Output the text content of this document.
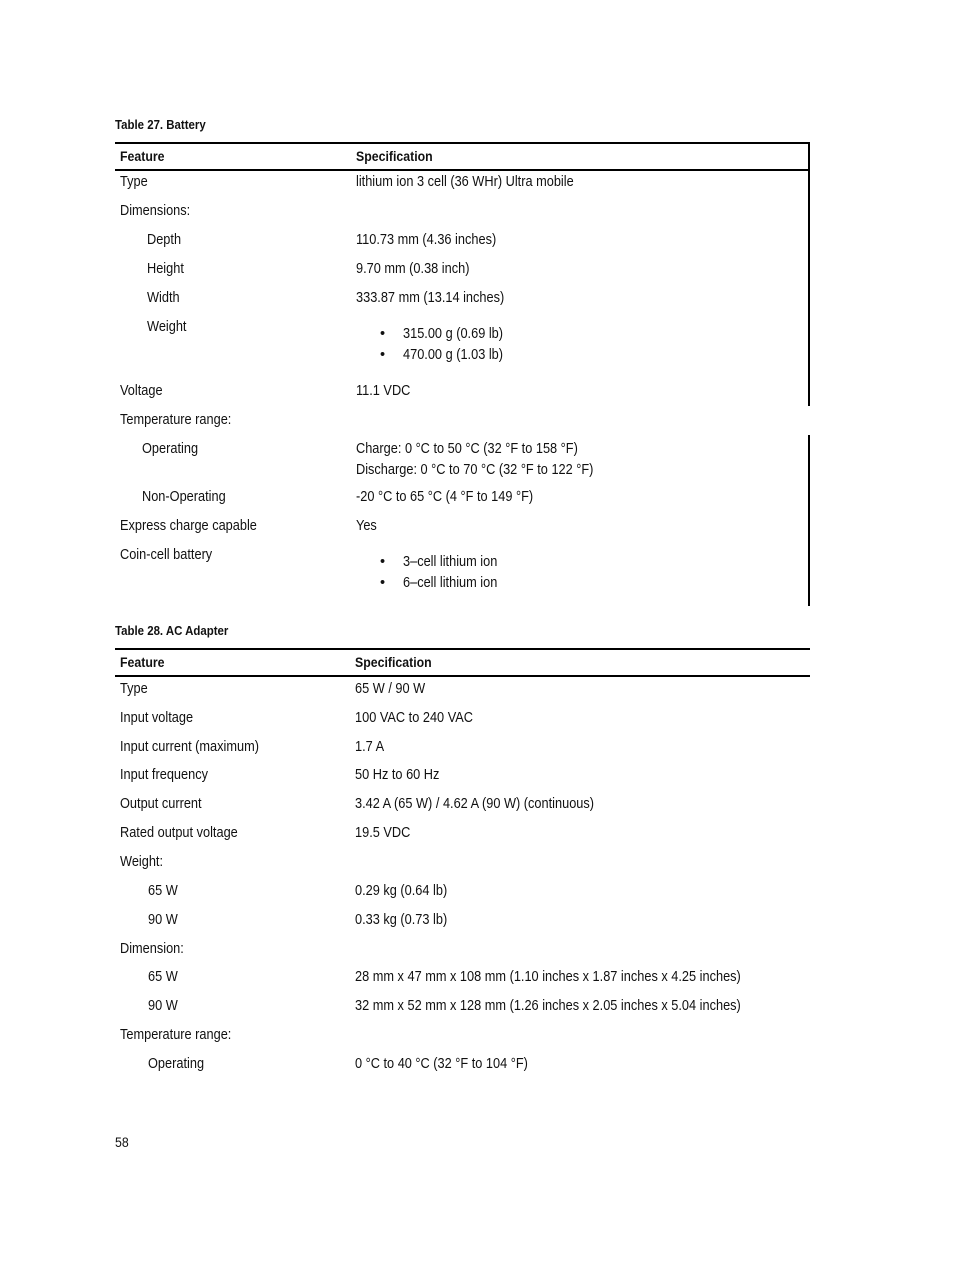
Table 27. Battery
Feature	Specification
Type	lithium ion 3 cell (36 WHr) Ultra mobile
Dimensions:
Depth	110.73 mm (4.36 inches)
Height	9.70 mm (0.38 inch)
Width	333.87 mm (13.14 inches)
Weight	• 315.00 g (0.69 lb)
• 470.00 g (1.03 lb)
Voltage	11.1 VDC
Temperature range:
Operating	Charge: 0 °C to 50 °C (32 °F to 158 °F)
Discharge: 0 °C to 70 °C (32 °F to 122 °F)
Non-Operating	-20 °C to 65 °C (4 °F to 149 °F)
Express charge capable	Yes
Coin-cell battery	• 3–cell lithium ion
• 6–cell lithium ion
Table 28. AC Adapter
Feature	Specification
Type	65 W / 90 W
Input voltage	100 VAC to 240 VAC
Input current (maximum)	1.7 A
Input frequency	50 Hz to 60 Hz
Output current	3.42 A (65 W) / 4.62 A (90 W) (continuous)
Rated output voltage	19.5 VDC
Weight:
65 W	0.29 kg (0.64 lb)
90 W	0.33 kg (0.73 lb)
Dimension:
65 W	28 mm x 47 mm x 108 mm (1.10 inches x 1.87 inches x 4.25 inches)
90 W	32 mm x 52 mm x 128 mm (1.26 inches x 2.05 inches x 5.04 inches)
Temperature range:
Operating	0 °C to 40 °C (32 °F to 104 °F)
58
